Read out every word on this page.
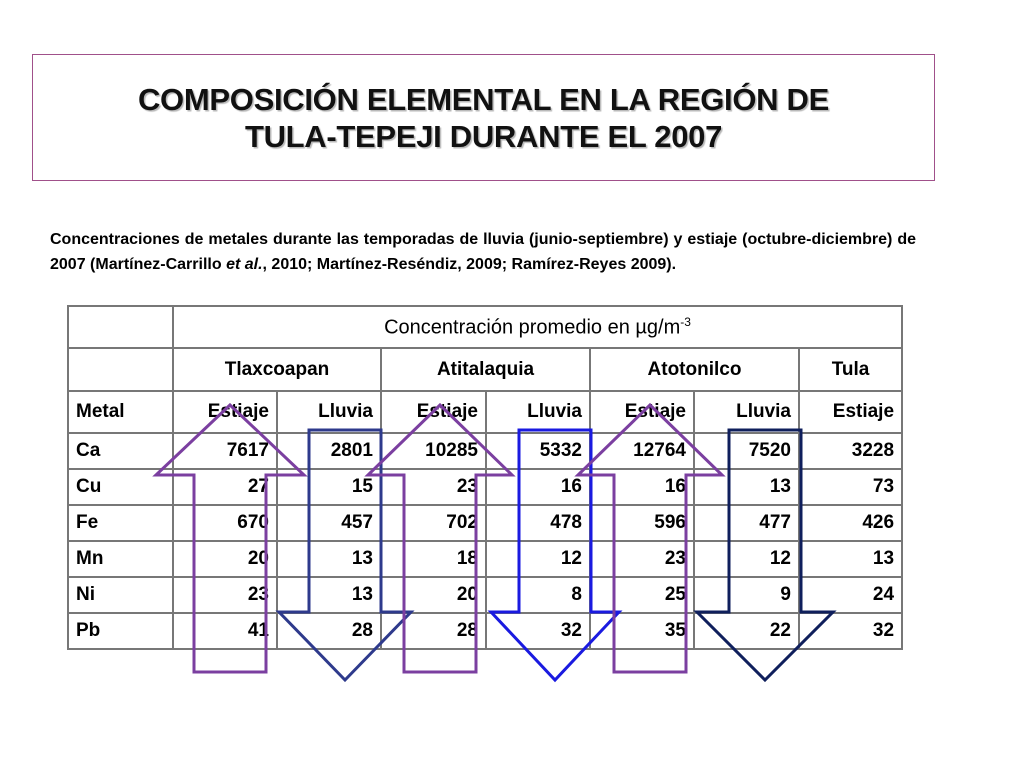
COMPOSICIÓN ELEMENTAL EN LA REGIÓN DE
TULA-TEPEJI DURANTE EL 2007
Concentraciones de metales durante las temporadas de lluvia (junio-septiembre) y estiaje (octubre-diciembre) de 2007 (Martínez-Carrillo et al., 2010; Martínez-Reséndiz, 2009; Ramírez-Reyes 2009).
	Concentración promedio en $\mu g/m^{-3}$
	Tlaxcoapan		Atitalaquia		Atotonilco		Tula
Metal	Estiaje	Lluvia	Estiaje	Lluvia	Estiaje	Lluvia	Estiaje
Ca	7617	2801	10285	5332	12764	7520	3228
Cu	27	15	23	16	16	13	73
Fe	670	457	702	478	596	477	426
Mn	20	13	18	12	23	12	13
Ni	23	13	20	8	25	9	24
Pb	41	28	28	32	35	22	32
